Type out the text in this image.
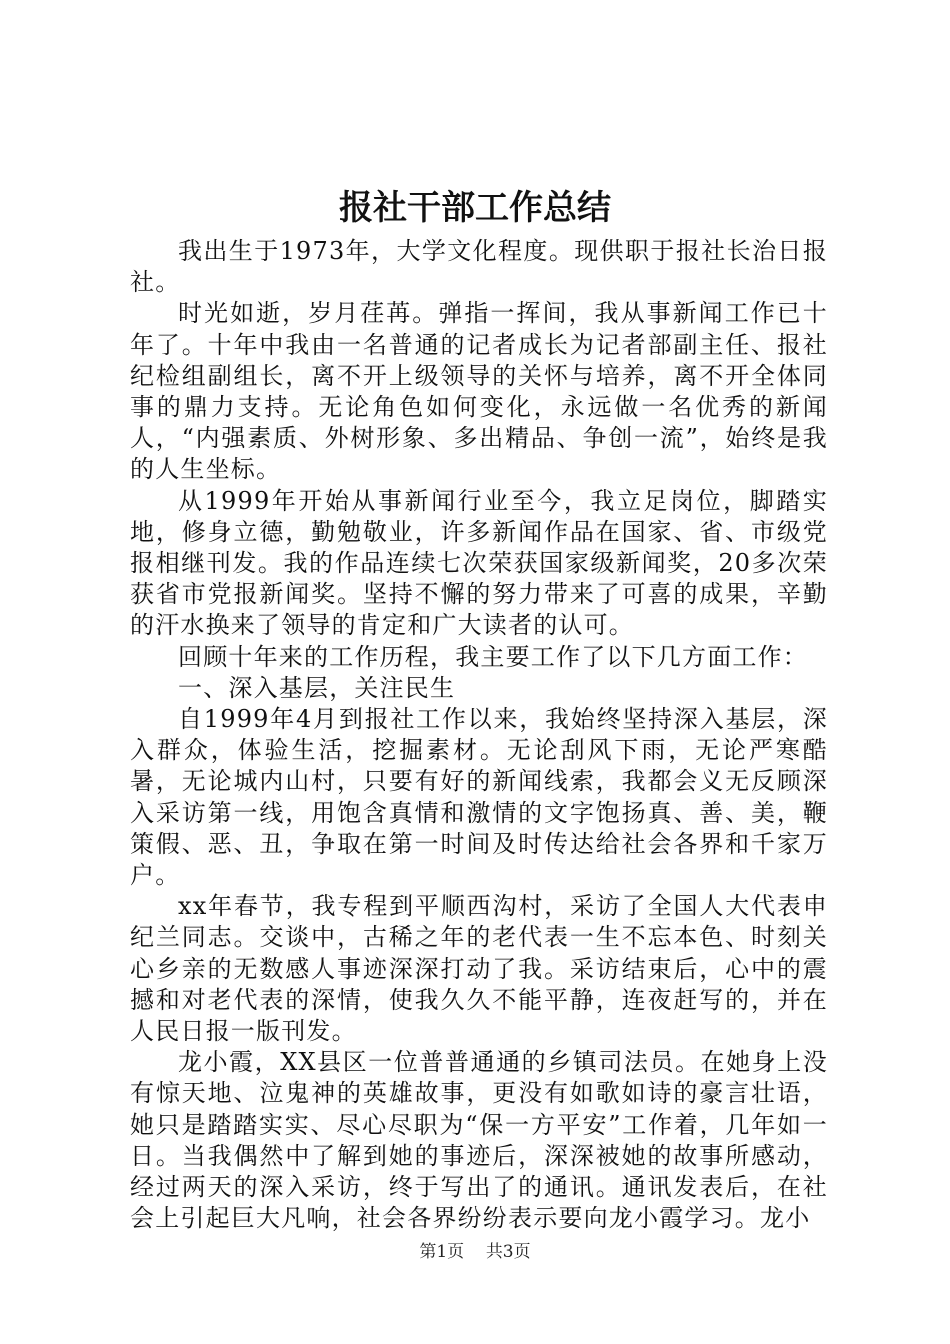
报社干部工作总结

我出生于1973年，大学文化程度。现供职于报社长治日报社。

时光如逝，岁月荏苒。弹指一挥间，我从事新闻工作已十年了。十年中我由一名普通的记者成长为记者部副主任、报社纪检组副组长，离不开上级领导的关怀与培养，离不开全体同事的鼎力支持。无论角色如何变化，永远做一名优秀的新闻人，“内强素质、外树形象、多出精品、争创一流”，始终是我的人生坐标。

从1999年开始从事新闻行业至今，我立足岗位，脚踏实地，修身立德，勤勉敬业，许多新闻作品在国家、省、市级党报相继刊发。我的作品连续七次荣获国家级新闻奖，20多次荣获省市党报新闻奖。坚持不懈的努力带来了可喜的成果，辛勤的汗水换来了领导的肯定和广大读者的认可。

回顾十年来的工作历程，我主要工作了以下几方面工作：

一、深入基层，关注民生

自1999年4月到报社工作以来，我始终坚持深入基层，深入群众，体验生活，挖掘素材。无论刮风下雨，无论严寒酷暑，无论城内山村，只要有好的新闻线索，我都会义无反顾深入采访第一线，用饱含真情和激情的文字饱扬真、善、美，鞭策假、恶、丑，争取在第一时间及时传达给社会各界和千家万户。

xx年春节，我专程到平顺西沟村，采访了全国人大代表申纪兰同志。交谈中，古稀之年的老代表一生不忘本色、时刻关心乡亲的无数感人事迹深深打动了我。采访结束后，心中的震撼和对老代表的深情，使我久久不能平静，连夜赶写的，并在人民日报一版刊发。

龙小霞，XX县区一位普普通通的乡镇司法员。在她身上没有惊天地、泣鬼神的英雄故事，更没有如歌如诗的豪言壮语，她只是踏踏实实、尽心尽职为“保一方平安”工作着，几年如一日。当我偶然中了解到她的事迹后，深深被她的故事所感动，经过两天的深入采访，终于写出了的通讯。通讯发表后，在社会上引起巨大凡响，社会各界纷纷表示要向龙小霞学习。龙小

第1页 共3页
